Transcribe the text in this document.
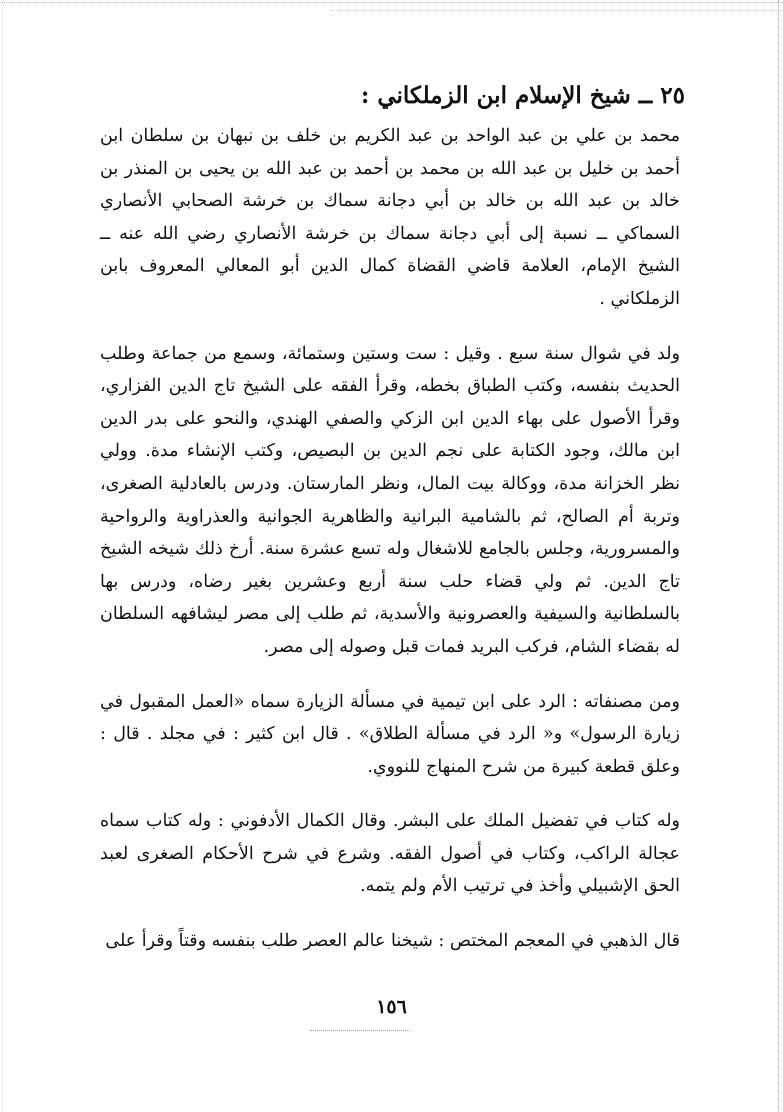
٢٥ ــ شيخ الإسلام ابن الزملكاني :

محمد بن علي بن عبد الواحد بن عبد الكريم بن خلف بن نبهان بن سلطان ابن أحمد بن خليل بن عبد الله بن محمد بن أحمد بن عبد الله بن يحيى بن المنذر بن خالد بن عبد الله بن خالد بن أبي دجانة سماك بن خرشة الصحابي الأنصاري السماكي ــ نسبة إلى أبي دجانة سماك بن خرشة الأنصاري رضي الله عنه ــ الشيخ الإمام، العلامة قاضي القضاة كمال الدين أبو المعالي المعروف بابن الزملكاني .

ولد في شوال سنة سبع . وقيل : ست وستين وستمائة، وسمع من جماعة وطلب الحديث بنفسه، وكتب الطباق بخطه، وقرأ الفقه على الشيخ تاج الدين الفزاري، وقرأ الأصول على بهاء الدين ابن الزكي والصفي الهندي، والنحو على بدر الدين ابن مالك، وجود الكتابة على نجم الدين بن البصيص، وكتب الإنشاء مدة. وولي نظر الخزانة مدة، ووكالة بيت المال، ونظر المارستان. ودرس بالعادلية الصغرى، وتربة أم الصالح، ثم بالشامية البرانية والظاهرية الجوانية والعذراوية والرواحية والمسرورية، وجلس بالجامع للاشغال وله تسع عشرة سنة. أرخ ذلك شيخه الشيخ تاج الدين. ثم ولي قضاء حلب سنة أربع وعشرين بغير رضاه، ودرس بها بالسلطانية والسيفية والعصرونية والأسدية، ثم طلب إلى مصر ليشافهه السلطان له بقضاء الشام، فركب البريد فمات قبل وصوله إلى مصر.

ومن مصنفاته : الرد على ابن تيمية في مسألة الزيارة سماه «العمل المقبول في زيارة الرسول» و« الرد في مسألة الطلاق» . قال ابن كثير : في مجلد . قال : وعلق قطعة كبيرة من شرح المنهاج للنووي.

وله كتاب في تفضيل الملك على البشر. وقال الكمال الأدفوني : وله كتاب سماه عجالة الراكب، وكتاب في أصول الفقه. وشرع في شرح الأحكام الصغرى لعبد الحق الإشبيلي وأخذ في ترتيب الأم ولم يتمه.

قال الذهبي في المعجم المختص : شيخنا عالم العصر طلب بنفسه وقتاً وقرأ على

١٥٦
